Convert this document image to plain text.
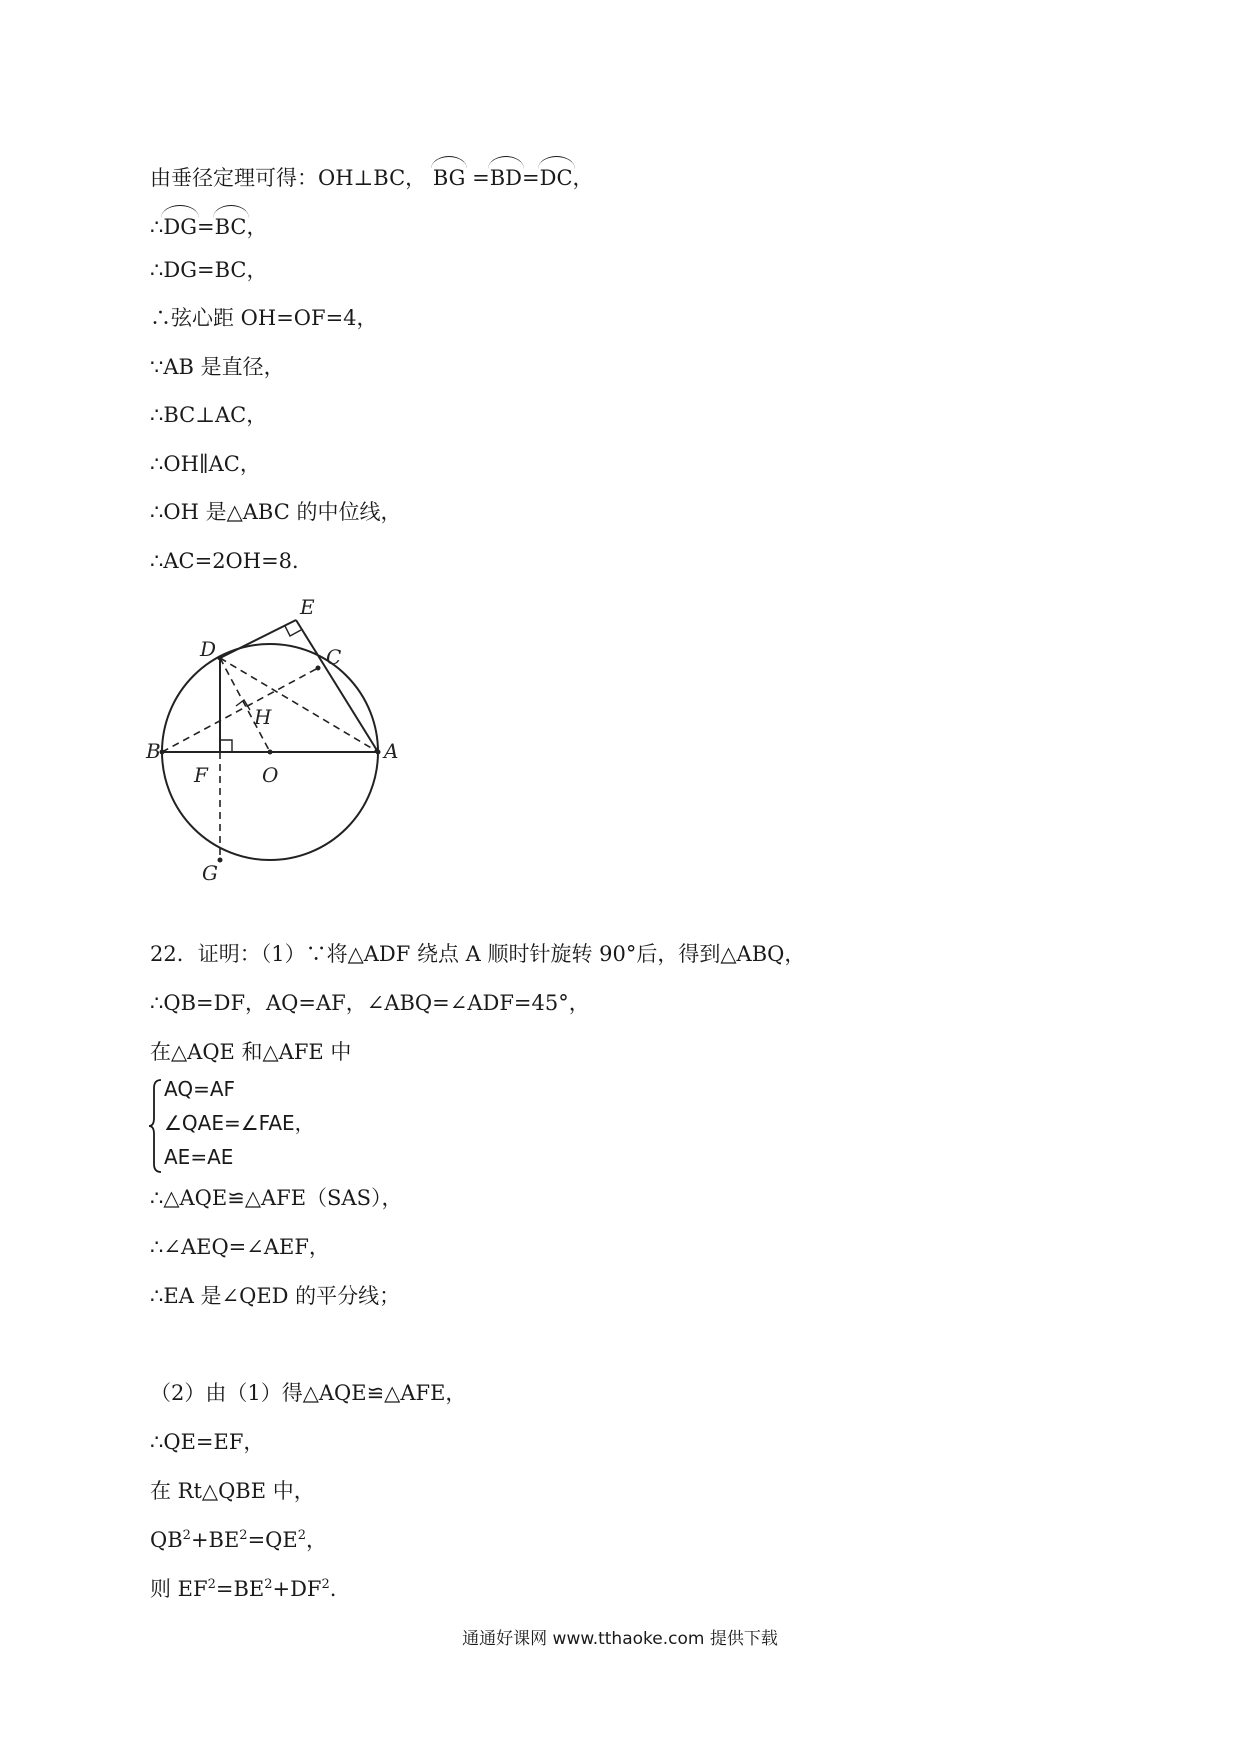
由垂径定理可得：OH⊥BC， BG =BD=DC，
∴DG=BC，
∴DG=BC，
∴弦心距 OH=OF=4，
∵AB 是直径，
∴BC⊥AC，
∴OH∥AC，
∴OH 是△ABC 的中位线，
∴AC=2OH=8．
E
D	C
H
B	A
F	O
G
22．证明：（1）∵将△ADF 绕点 A 顺时针旋转 90°后，得到△ABQ，
∴QB=DF，AQ=AF，∠ABQ=∠ADF=45°，
在△AQE 和△AFE 中
AQ=AF
∠QAE=∠FAE，
AE=AE
∴△AQE≌△AFE（SAS），
∴∠AEQ=∠AEF，
∴EA 是∠QED 的平分线；
（2）由（1）得△AQE≌△AFE，
∴QE=EF，
在 Rt△QBE 中，
$QB^2+BE^2=QE^2$，
则 $EF^2=BE^2+DF^2$.
通通好课网 www.tthaoke.com 提供下载
